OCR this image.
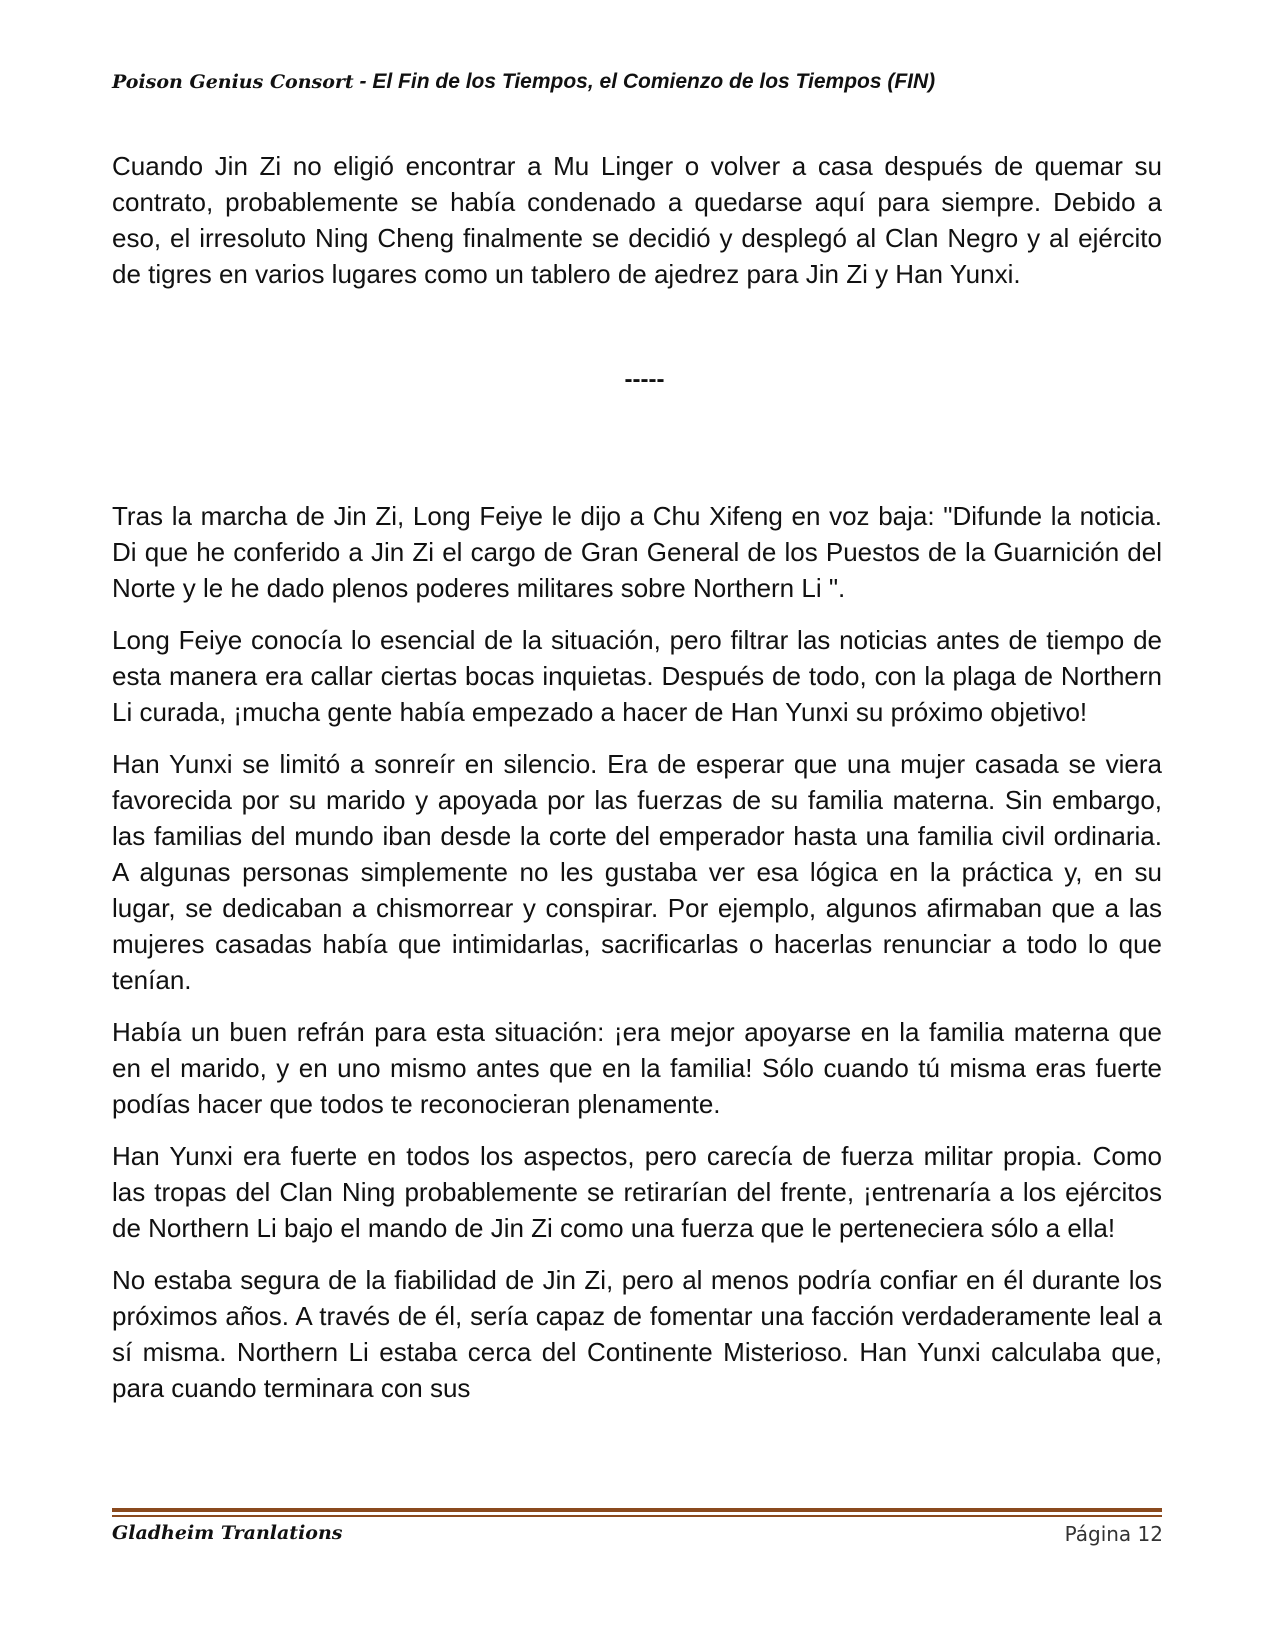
Poison Genius Consort - El Fin de los Tiempos, el Comienzo de los Tiempos (FIN)

Cuando Jin Zi no eligió encontrar a Mu Linger o volver a casa después de quemar su contrato, probablemente se había condenado a quedarse aquí para siempre. Debido a eso, el irresoluto Ning Cheng finalmente se decidió y desplegó al Clan Negro y al ejército de tigres en varios lugares como un tablero de ajedrez para Jin Zi y Han Yunxi.

-----

Tras la marcha de Jin Zi, Long Feiye le dijo a Chu Xifeng en voz baja: "Difunde la noticia. Di que he conferido a Jin Zi el cargo de Gran General de los Puestos de la Guarnición del Norte y le he dado plenos poderes militares sobre Northern Li ".

Long Feiye conocía lo esencial de la situación, pero filtrar las noticias antes de tiempo de esta manera era callar ciertas bocas inquietas. Después de todo, con la plaga de Northern Li curada, ¡mucha gente había empezado a hacer de Han Yunxi su próximo objetivo!

Han Yunxi se limitó a sonreír en silencio. Era de esperar que una mujer casada se viera favorecida por su marido y apoyada por las fuerzas de su familia materna. Sin embargo, las familias del mundo iban desde la corte del emperador hasta una familia civil ordinaria. A algunas personas simplemente no les gustaba ver esa lógica en la práctica y, en su lugar, se dedicaban a chismorrear y conspirar. Por ejemplo, algunos afirmaban que a las mujeres casadas había que intimidarlas, sacrificarlas o hacerlas renunciar a todo lo que tenían.

Había un buen refrán para esta situación: ¡era mejor apoyarse en la familia materna que en el marido, y en uno mismo antes que en la familia! Sólo cuando tú misma eras fuerte podías hacer que todos te reconocieran plenamente.

Han Yunxi era fuerte en todos los aspectos, pero carecía de fuerza militar propia. Como las tropas del Clan Ning probablemente se retirarían del frente, ¡entrenaría a los ejércitos de Northern Li bajo el mando de Jin Zi como una fuerza que le perteneciera sólo a ella!

No estaba segura de la fiabilidad de Jin Zi, pero al menos podría confiar en él durante los próximos años. A través de él, sería capaz de fomentar una facción verdaderamente leal a sí misma. Northern Li estaba cerca del Continente Misterioso. Han Yunxi calculaba que, para cuando terminara con sus

Gladheim Tranlations	Página 12
